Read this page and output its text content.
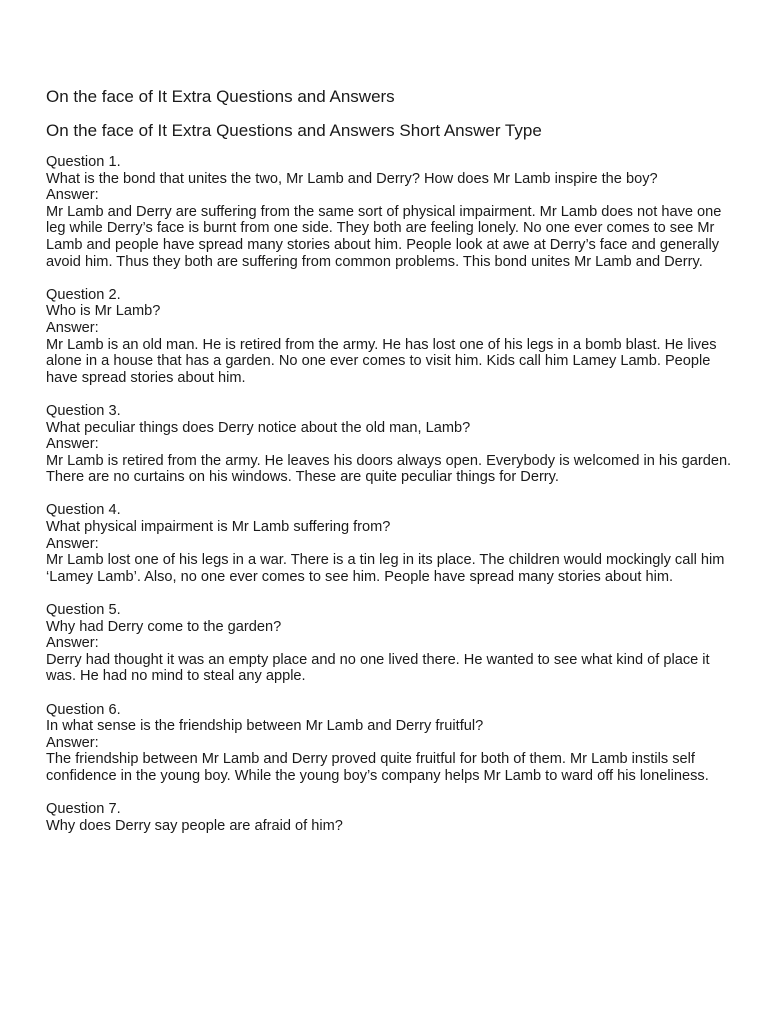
On the face of It Extra Questions and Answers
On the face of It Extra Questions and Answers Short Answer Type
Question 1.
What is the bond that unites the two, Mr Lamb and Derry? How does Mr Lamb inspire the boy?
Answer:
Mr Lamb and Derry are suffering from the same sort of physical impairment. Mr Lamb does not have one leg while Derry’s face is burnt from one side. They both are feeling lonely. No one ever comes to see Mr Lamb and people have spread many stories about him. People look at awe at Derry’s face and generally avoid him. Thus they both are suffering from common problems. This bond unites Mr Lamb and Derry.
Question 2.
Who is Mr Lamb?
Answer:
Mr Lamb is an old man. He is retired from the army. He has lost one of his legs in a bomb blast. He lives alone in a house that has a garden. No one ever comes to visit him. Kids call him Lamey Lamb. People have spread stories about him.
Question 3.
What peculiar things does Derry notice about the old man, Lamb?
Answer:
Mr Lamb is retired from the army. He leaves his doors always open. Everybody is welcomed in his garden. There are no curtains on his windows. These are quite peculiar things for Derry.
Question 4.
What physical impairment is Mr Lamb suffering from?
Answer:
Mr Lamb lost one of his legs in a war. There is a tin leg in its place. The children would mockingly call him ‘Lamey Lamb’. Also, no one ever comes to see him. People have spread many stories about him.
Question 5.
Why had Derry come to the garden?
Answer:
Derry had thought it was an empty place and no one lived there. He wanted to see what kind of place it was. He had no mind to steal any apple.
Question 6.
In what sense is the friendship between Mr Lamb and Derry fruitful?
Answer:
The friendship between Mr Lamb and Derry proved quite fruitful for both of them. Mr Lamb instils self confidence in the young boy. While the young boy’s company helps Mr Lamb to ward off his loneliness.
Question 7.
Why does Derry say people are afraid of him?
